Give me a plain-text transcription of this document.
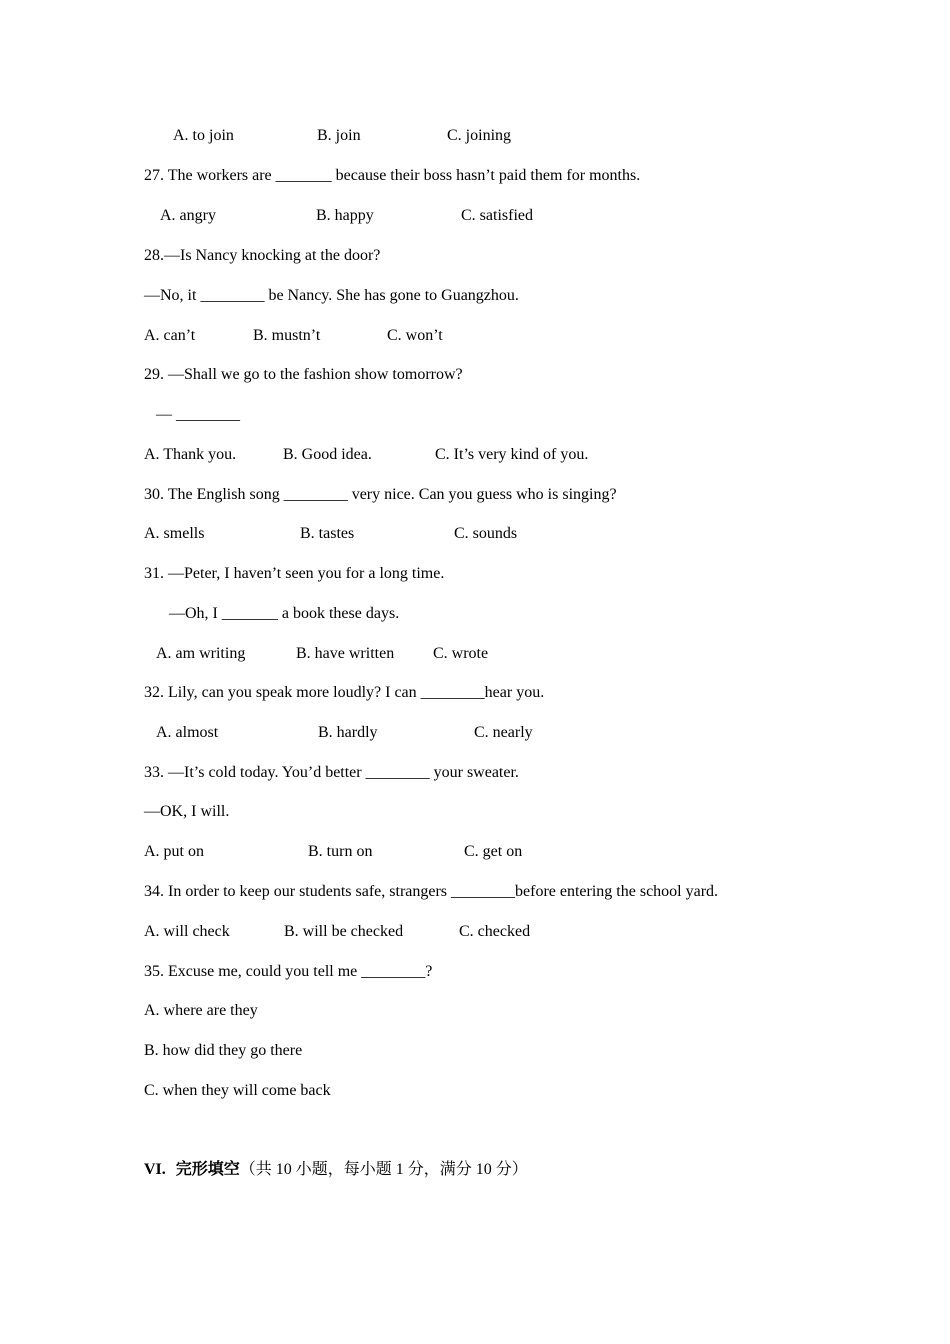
A. to join	B. join	C. joining
27. The workers are _______ because their boss hasn’t paid them for months.
A. angry	B. happy	C. satisfied
28.—Is Nancy knocking at the door?
—No, it ________ be Nancy. She has gone to Guangzhou.
A. can’t	B. mustn’t	C. won’t
29. —Shall we go to the fashion show tomorrow?
— ________
A. Thank you.	B. Good idea.	C. It’s very kind of you.
30. The English song ________ very nice. Can you guess who is singing?
A. smells	B. tastes	C. sounds
31. —Peter, I haven’t seen you for a long time.
—Oh, I _______ a book these days.
A. am writing	B. have written C. wrote
32. Lily, can you speak more loudly? I can ________hear you.
A. almost	B. hardly	C. nearly
33. —It’s cold today. You’d better ________ your sweater.
—OK, I will.
A. put on	B. turn on	C. get on
34. In order to keep our students safe, strangers ________before entering the school yard.
A. will check	B. will be checked	C. checked
35. Excuse me, could you tell me ________?
A. where are they
B. how did they go there
C. when they will come back
VI. 完形填空（共 10 小题，每小题 1 分，满分 10 分）
